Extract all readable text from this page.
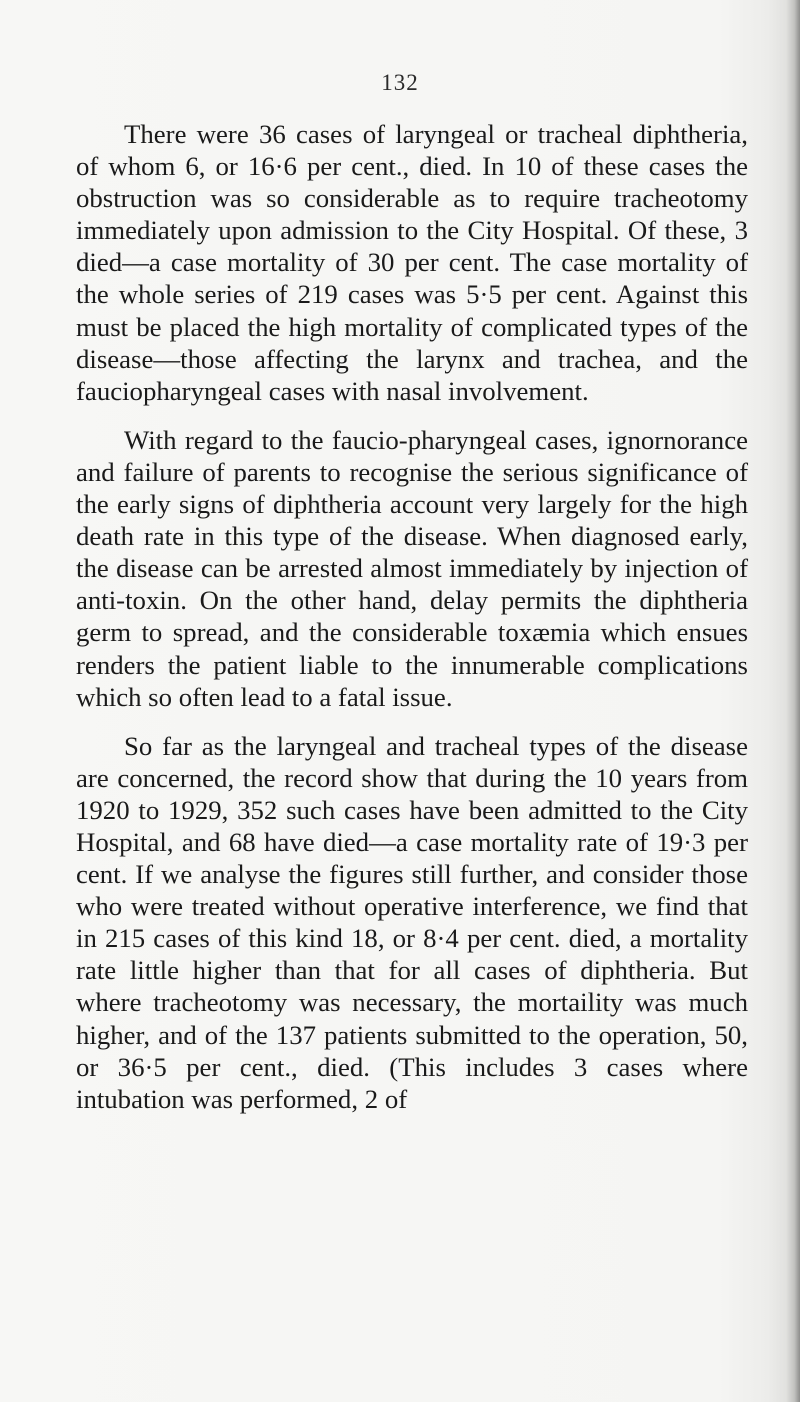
132

There were 36 cases of laryngeal or tracheal diphtheria, of whom 6, or 16·6 per cent., died. In 10 of these cases the obstruction was so considerable as to require tracheotomy immediately upon admission to the City Hospital. Of these, 3 died—a case mortality of 30 per cent. The case mortality of the whole series of 219 cases was 5·5 per cent. Against this must be placed the high mortality of complicated types of the disease—those affecting the larynx and trachea, and the fauciopharyngeal cases with nasal involvement.

With regard to the faucio-pharyngeal cases, ignornorance and failure of parents to recognise the serious significance of the early signs of diphtheria account very largely for the high death rate in this type of the disease. When diagnosed early, the disease can be arrested almost immediately by injection of anti-toxin. On the other hand, delay permits the diphtheria germ to spread, and the considerable toxæmia which ensues renders the patient liable to the innumerable complications which so often lead to a fatal issue.

So far as the laryngeal and tracheal types of the disease are concerned, the record show that during the 10 years from 1920 to 1929, 352 such cases have been admitted to the City Hospital, and 68 have died—a case mortality rate of 19·3 per cent. If we analyse the figures still further, and consider those who were treated without operative interference, we find that in 215 cases of this kind 18, or 8·4 per cent. died, a mortality rate little higher than that for all cases of diphtheria. But where tracheotomy was necessary, the mortaility was much higher, and of the 137 patients submitted to the operation, 50, or 36·5 per cent., died. (This includes 3 cases where intubation was performed, 2 of
